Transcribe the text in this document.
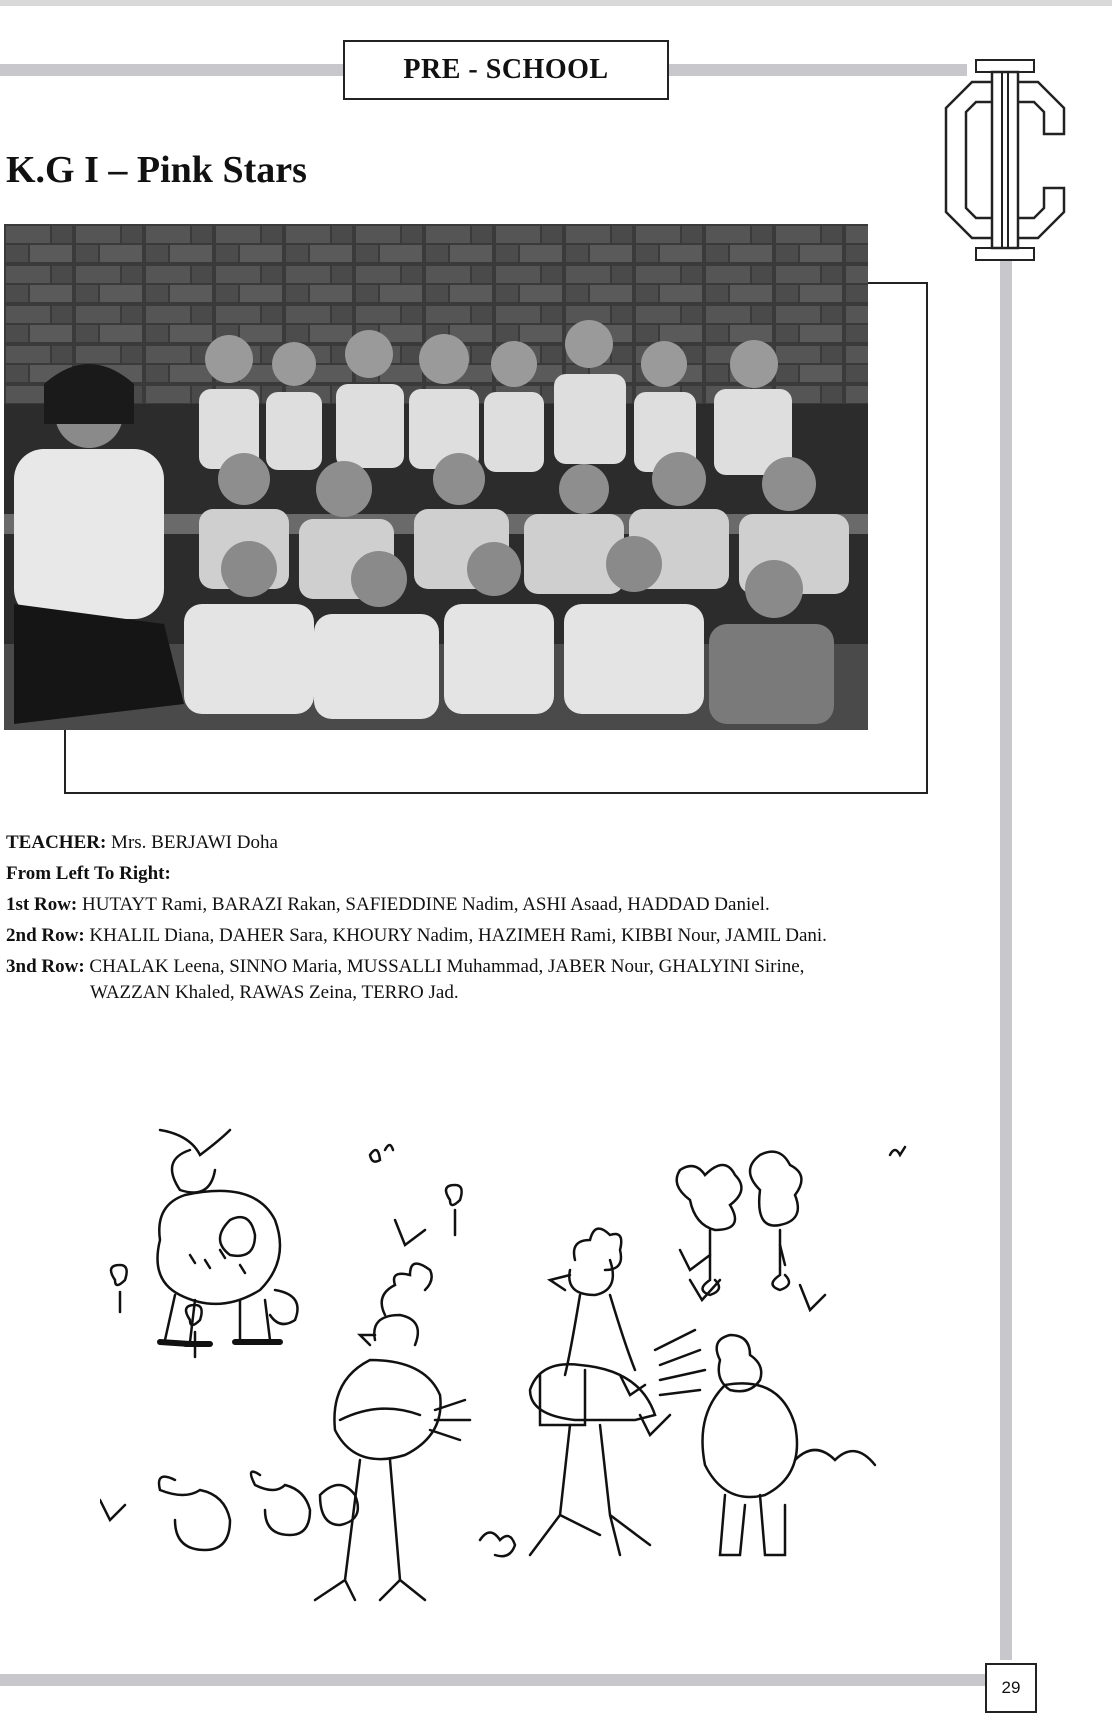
PRE - SCHOOL
K.G I – Pink Stars

TEACHER: Mrs. BERJAWI Doha

From Left To Right:

1st Row: HUTAYT Rami, BARAZI Rakan, SAFIEDDINE Nadim, ASHI Asaad, HADDAD Daniel.

2nd Row: KHALIL Diana, DAHER Sara, KHOURY Nadim, HAZIMEH Rami, KIBBI Nour, JAMIL Dani.

3nd Row: CHALAK Leena, SINNO Maria, MUSSALLI Muhammad, JABER Nour, GHALYINI Sirine, WAZZAN Khaled, RAWAS Zeina, TERRO Jad.

29
